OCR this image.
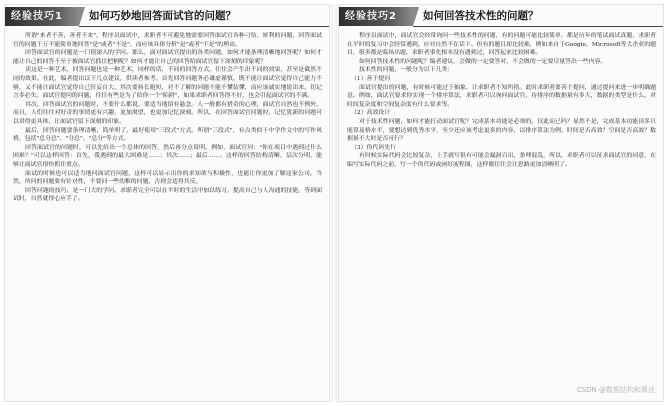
经验技巧1	如何巧妙地回答面试官的问题？

所谓"来者不善，善者不来"，程序员面试中，求职者不可避免地需要回答面试官各种刁钻、犀利的问题，回答面试官的问题千万不能简单地回答"是"或者"不是"，而应该具体分析"是"或者"不是"的理由。

回答面试官的问题是一门很深入的学问。那么，面对面试官提出的各类问题，如何才能条理清晰地回答呢？如何才能让自己的回答不至于被面试官抓住把柄呢？如何才能让自己的回答给面试官留下深刻的印象呢？

读这是一种艺术，回答问题也是一种艺术，同样的话，不同的回答方式，往往会产生出不同的效果，甚至是截然不同的效果。在此，编者提出以下几点建议，供读者参考。首先回答问题务必谦虚谨慎。既不能让面试官觉得自己能力不够，又不能让面试官觉得自己狂妄自大。其次要扬长避短，对不了解的问题不能不懂装懂，而应该诚实地说出来。切记言多必失。面试官提问的问题，往往有些是为了给你一个"陷阱"，如果求职者回答得不好，也会引起面试官的不满。

其次，回答面试官的问题时，不要什么都说，要适当地留有悬念。人一般都有猎奇的心理，面试官自然也不例外，而且，人们往往对好奇的事情更有兴趣、更加渴望，也更加记忆深刻。所以，在回答面试官问题时，记忆犹新的问题可以讲得更具体，让面试官留下深刻的印象。

最后，回答问题要条理清晰，简单明了，最好使用"三段式"方式。所谓"三段式"，有点类似于中学作文中的写作风格，包括"总分总"、"分总"、"总分"等方式。

回答面试官的问题时，可以先给出一个总体的回答，然后再分点说明。例如，面试官问："你在项目中遇到过什么困难？"可以这样回答：首先，我遇到的最大困难是……；其次……；最后……。这样的回答结构清晰，层次分明，能够让面试官很快抓住重点。

面试的时候也可以适当地问面试官问题，这样可以显示出你的求知欲与积极性，也能让你更加了解这家公司。当然，所问的问题要有针对性，不要问一些幼稚的问题，否则会适得其反。

回答问题的技巧，是一门大的学问。求职者完全可以在平时的生活中加以练习，提高自己与人沟通的技能，等到面试时，自然就得心应手了。

经验技巧2	如何回答技术性的问题？

程序员面试中，面试官会经常询问一些技术性的问题，有的问题可能比较简单，都是历年的笔试面试真题，求职者在平时的复习中会经常遇到，应对自然不在话下。但有的题目却比较难，例如来自于Google、Microsoft等大企业的题目，很多都是临场出题，求职者事先根本没有遇到过，回答起来比较困难。

如何回答技术性的问题呢？编者建议，会做的一定要答对，不会做的一定要尽量答出一些内容。

技术性的问题，一般分为以下几类：

（1）善于提问

面试官提出的问题，有时候可能过于抽象，让求职者不知所措。此时求职者要善于提问，通过提问来进一步明确题意。例如，面试官要求你实现一个排序算法，求职者可以询问面试官，待排序的数据量有多大，数据的类型是什么，对时间复杂度和空间复杂度有什么要求等。

（2）高效设计

对于技术性问题，如何才能打动面试官呢？完成基本功能是必须的，仅此而已吗？显然不是，完成基本功能顶多只能算及格水平，要想达到优秀水平，至少还应该考虑更多的内容，以排序算法为例，时间是否高效？空间是否高效？数据量不大时是否可行？

（3）伪代码先行

有时候实际代码会比较复杂，上手就写很有可能会漏洞百出，条理混乱，所以，求职者可以征求面试官的同意，在编写实际代码之前，写一个伪代码或画好流程图，这样做往往会让思路更加清晰明了。

CSDN @数据结构和算法
